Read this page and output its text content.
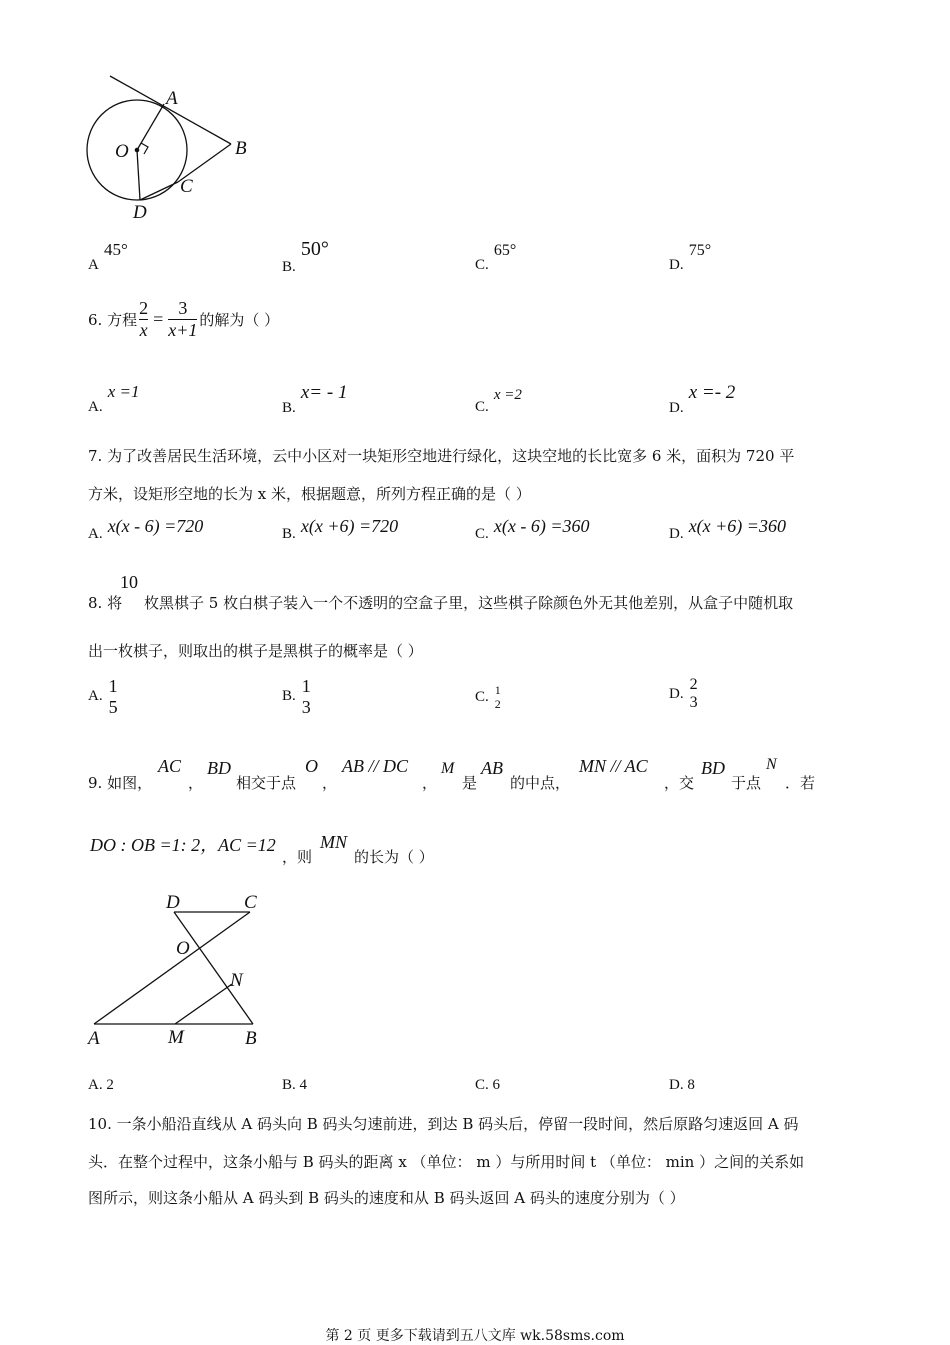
A
B
C
D
O
A 45°
B. 50°
C. 65°
D. 75°
6. 方程 $\frac{2}{x} = \frac{3}{x+1}$ 的解为（ ）
A. x =1
B. x= - 1
C. x =2
D. x =- 2
7. 为了改善居民生活环境，云中小区对一块矩形空地进行绿化，这块空地的长比宽多 6 米，面积为 720 平
方米，设矩形空地的长为 x 米，根据题意，所列方程正确的是（ ）
A. x(x - 6) =720	B. x(x +6) =720	C. x(x - 6) =360	D. x(x +6) =360
8. 将
10
枚黑棋子 5 枚白棋子装入一个不透明的空盒子里，这些棋子除颜色外无其他差别，从盒子中随机取
出一枚棋子，则取出的棋子是黑棋子的概率是（ ）
A.
1
5
B.
1
3	C. 1
2
D.
2
3
9. 如图，
AC
，
BD
相交于点
O
，
AB // DC
，
M
是
AB
的中点，
MN // AC
，交
BD
于点
N
．若
DO : OB =1: 2，AC =12
，则
MN
的长为（ ）
D	C
O
N
A	M	B
A. 2	B. 4	C. 6	D. 8
10. 一条小船沿直线从 A 码头向 B 码头匀速前进，到达 B 码头后，停留一段时间，然后原路匀速返回 A 码
头．在整个过程中，这条小船与 B 码头的距离 x （单位： m ）与所用时间 t （单位： min ）之间的关系如
图所示，则这条小船从 A 码头到 B 码头的速度和从 B 码头返回 A 码头的速度分别为（ ）
第 2 页 更多下载请到五八文库 wk.58sms.com
